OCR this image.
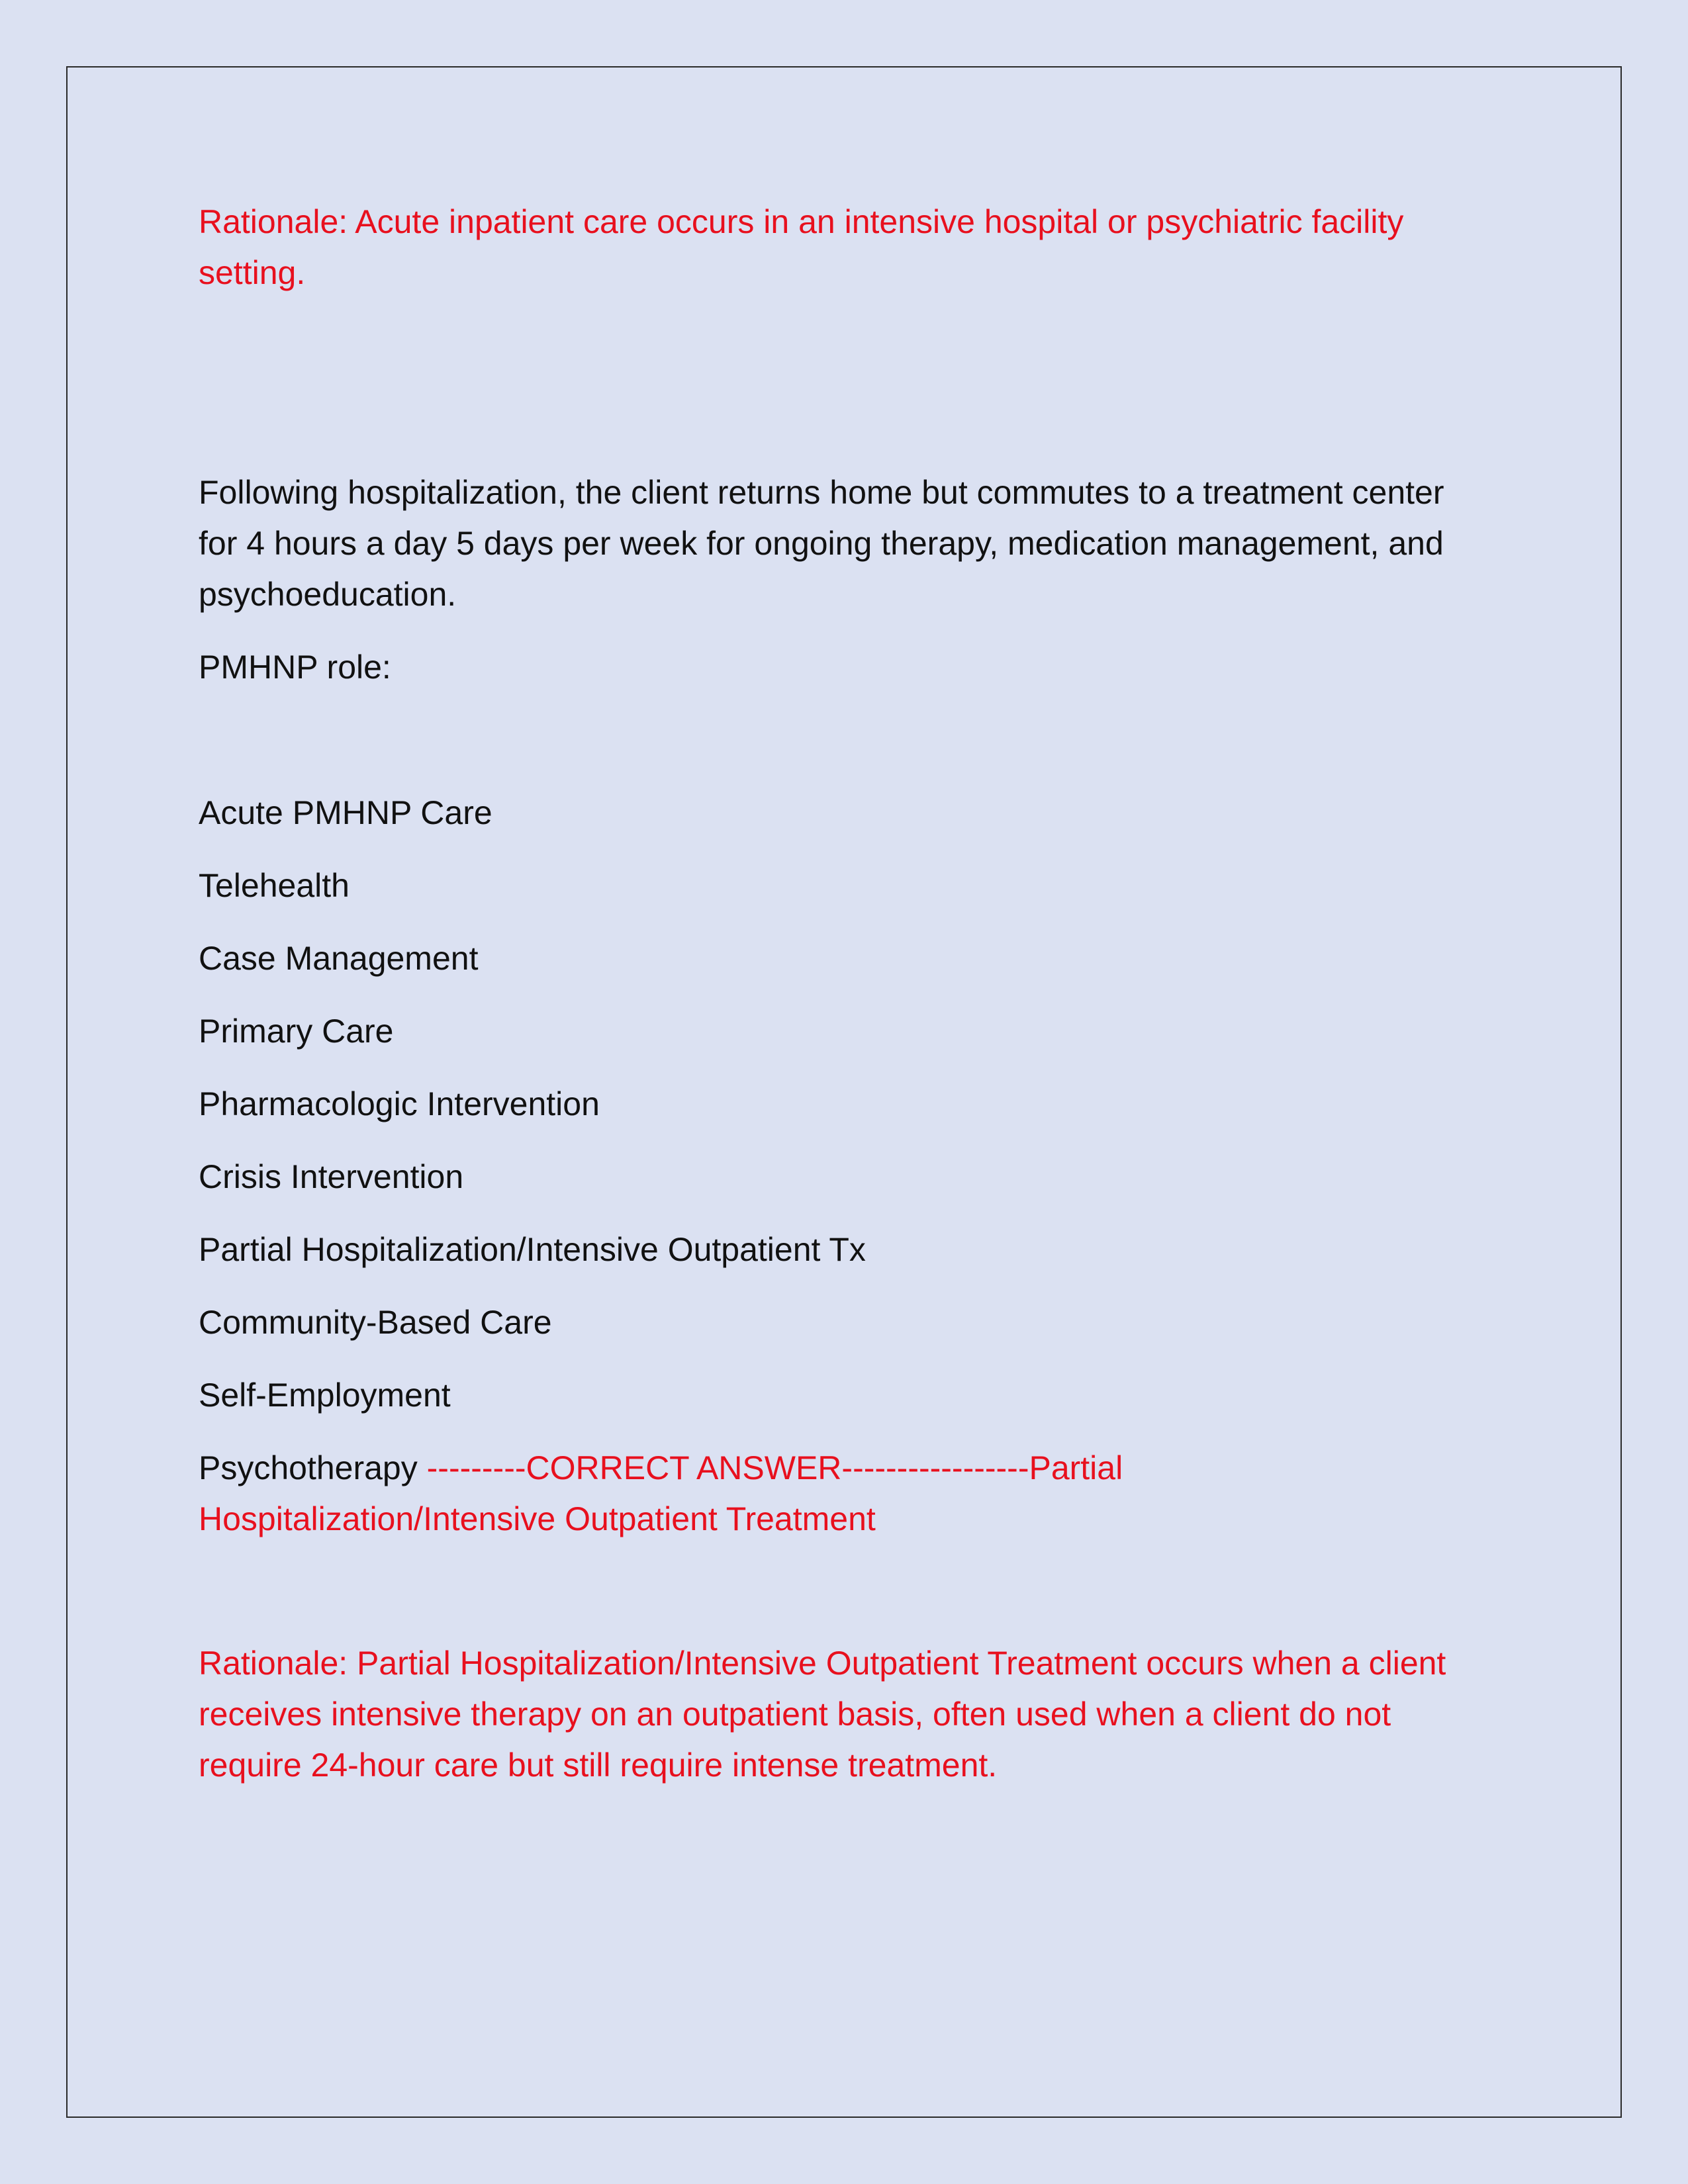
Rationale: Acute inpatient care occurs in an intensive hospital or psychiatric facility setting.

Following hospitalization, the client returns home but commutes to a treatment center for 4 hours a day 5 days per week for ongoing therapy, medication management, and psychoeducation.

PMHNP role:

Acute PMHNP Care

Telehealth

Case Management

Primary Care

Pharmacologic Intervention

Crisis Intervention

Partial Hospitalization/Intensive Outpatient Tx

Community-Based Care

Self-Employment

Psychotherapy ---------CORRECT ANSWER-----------------Partial Hospitalization/Intensive Outpatient Treatment

Rationale: Partial Hospitalization/Intensive Outpatient Treatment occurs when a client receives intensive therapy on an outpatient basis, often used when a client do not require 24-hour care but still require intense treatment.
